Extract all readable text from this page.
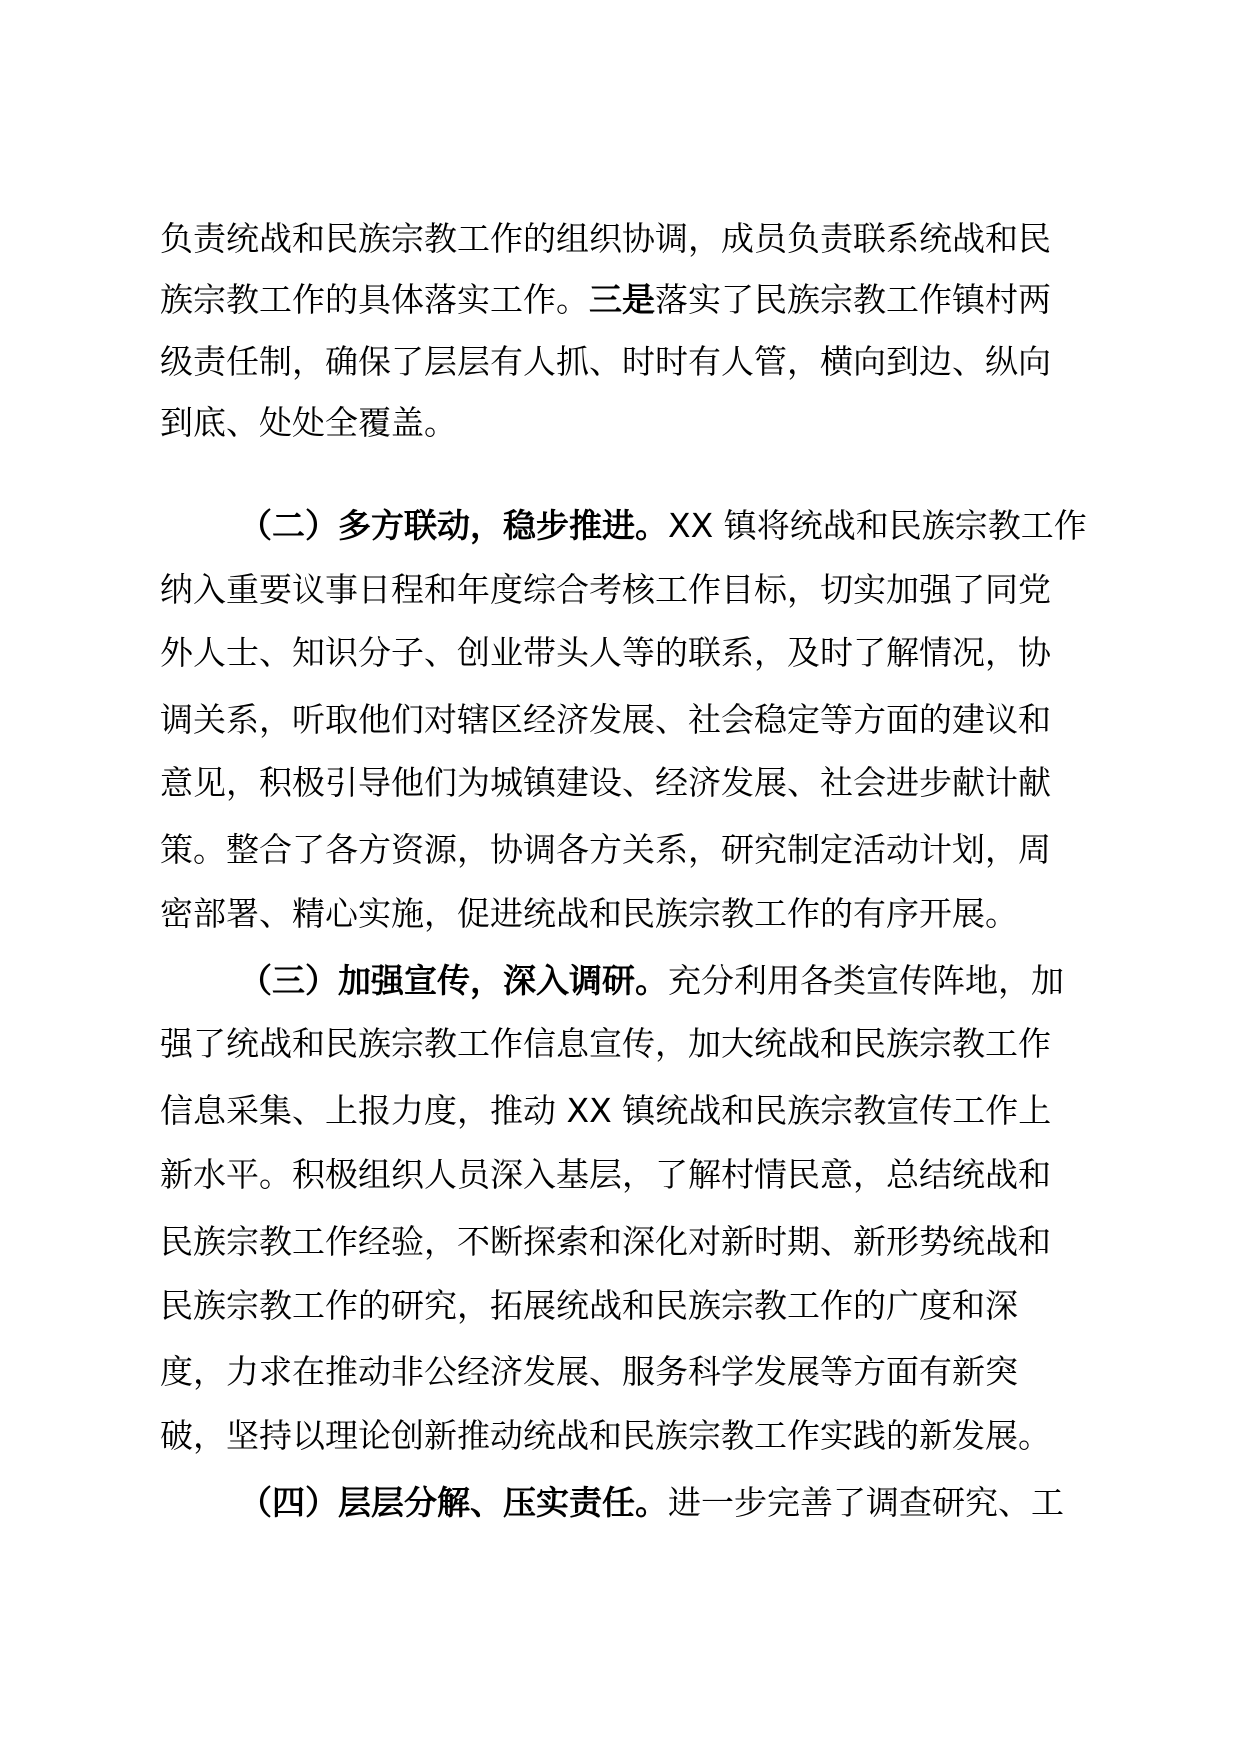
负责统战和民族宗教工作的组织协调，成员负责联系统战和民
族宗教工作的具体落实工作。三是落实了民族宗教工作镇村两
级责任制，确保了层层有人抓、时时有人管，横向到边、纵向
到底、处处全覆盖。
（二）多方联动，稳步推进。XX 镇将统战和民族宗教工作
纳入重要议事日程和年度综合考核工作目标，切实加强了同党
外人士、知识分子、创业带头人等的联系，及时了解情况，协
调关系，听取他们对辖区经济发展、社会稳定等方面的建议和
意见，积极引导他们为城镇建设、经济发展、社会进步献计献
策。整合了各方资源，协调各方关系，研究制定活动计划，周
密部署、精心实施，促进统战和民族宗教工作的有序开展。
（三）加强宣传，深入调研。充分利用各类宣传阵地，加
强了统战和民族宗教工作信息宣传，加大统战和民族宗教工作
信息采集、上报力度，推动 XX 镇统战和民族宗教宣传工作上
新水平。积极组织人员深入基层，了解村情民意，总结统战和
民族宗教工作经验，不断探索和深化对新时期、新形势统战和
民族宗教工作的研究，拓展统战和民族宗教工作的广度和深
度，力求在推动非公经济发展、服务科学发展等方面有新突
破，坚持以理论创新推动统战和民族宗教工作实践的新发展。
（四）层层分解、压实责任。进一步完善了调查研究、工
